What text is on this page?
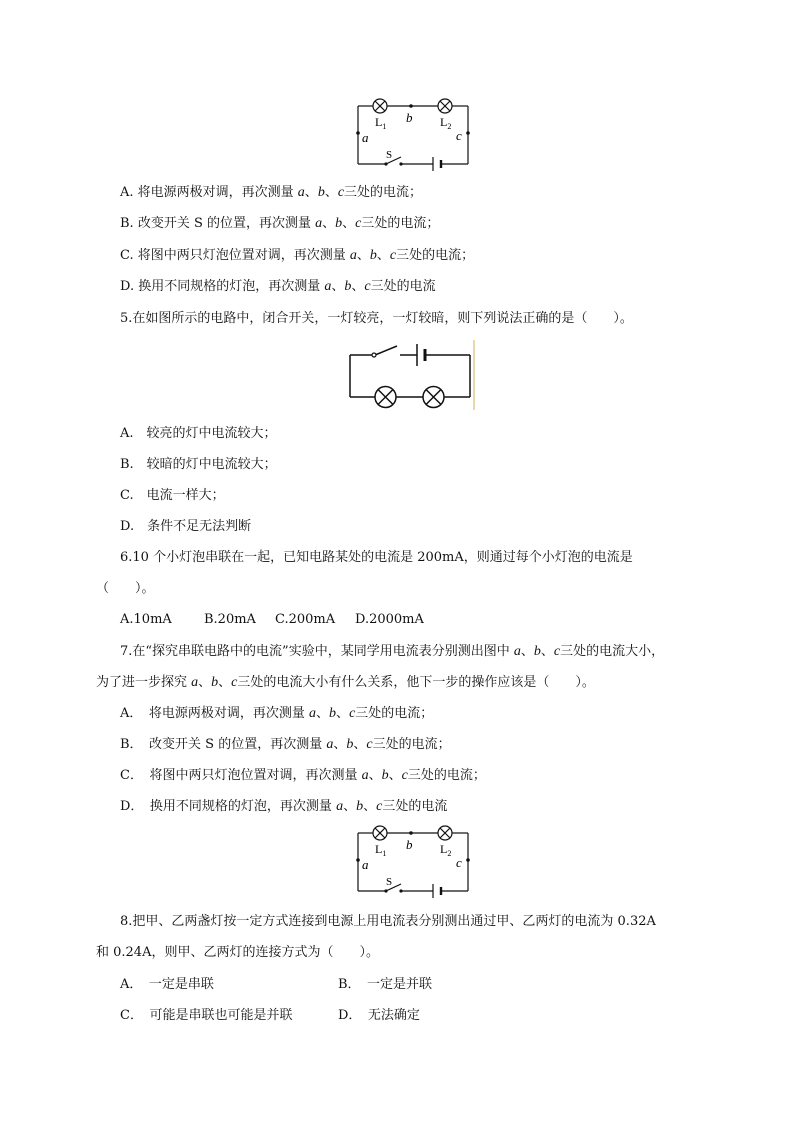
$L_1$
b $L_2$
a	c
S
A. 将电源两极对调，再次测量 a、b、c三处的电流；
B. 改变开关 S 的位置，再次测量 a、b、c三处的电流；
C. 将图中两只灯泡位置对调，再次测量 a、b、c三处的电流；
D. 换用不同规格的灯泡，再次测量 a、b、c三处的电流
5.在如图所示的电路中，闭合开关，一灯较亮，一灯较暗，则下列说法正确的是（　　）。
A.　较亮的灯中电流较大；
B.　较暗的灯中电流较大；
C.　电流一样大；
D.　条件不足无法判断
6.10 个小灯泡串联在一起，已知电路某处的电流是 200mA，则通过每个小灯泡的电流是
（　　）。
A.10mA B.20mA C.200mA D.2000mA
7.在“探究串联电路中的电流”实验中，某同学用电流表分别测出图中 a、b、c三处的电流大小，
为了进一步探究 a、b、c三处的电流大小有什么关系，他下一步的操作应该是（　　）。
A．　将电源两极对调，再次测量 a、b、c三处的电流；
B．　改变开关 S 的位置，再次测量 a、b、c三处的电流；
C．　将图中两只灯泡位置对调，再次测量 a、b、c三处的电流；
D．　换用不同规格的灯泡，再次测量 a、b、c三处的电流
$L_1$
b $L_2$
a	c
S
8.把甲、乙两盏灯按一定方式连接到电源上用电流表分别测出通过甲、乙两灯的电流为 0.32A
和 0.24A，则甲、乙两灯的连接方式为（　　）。
A．　一定是串联	B．　一定是并联
C．　可能是串联也可能是并联	D．　无法确定
